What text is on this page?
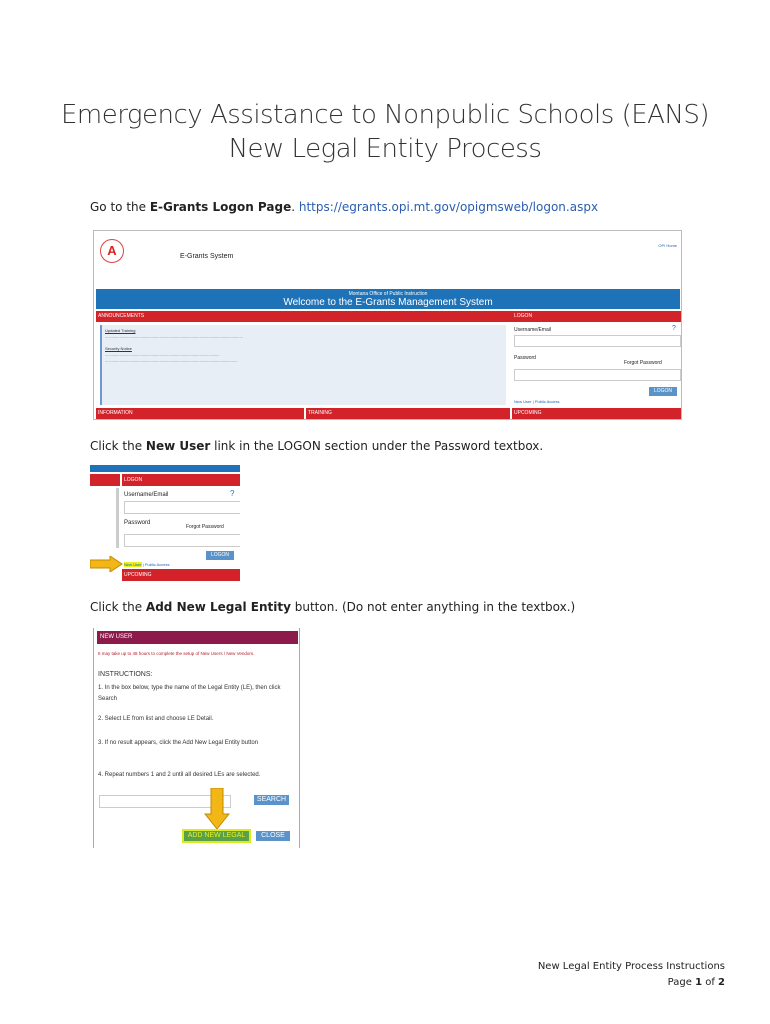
Emergency Assistance to Nonpublic Schools (EANS)
New Legal Entity Process
Go to the E-Grants Logon Page. https://egrants.opi.mt.gov/opigmsweb/logon.aspx
A	E-Grants System
OPI Home
Montana Office of Public Instruction
Welcome to the E-Grants Management System
ANNOUNCEMENTS	LOGON
Updated Training
............................................................................................................................

Security Notice
.......................................................................................................
.......................................................................................................................
Username/Email	?
Password
Forgot Password
LOGON
New User | Public Access
INFORMATION	TRAINING	UPCOMING
Click the New User link in the LOGON section under the Password textbox.
LOGON
Username/Email	?
Password
Forgot Password
LOGON
New User | Public Access
UPCOMING
Click the Add New Legal Entity button. (Do not enter anything in the textbox.)
NEW USER
It may take up to 48 hours to complete the setup of New Users / New Vendors.
INSTRUCTIONS:
1. In the box below, type the name of the Legal Entity (LE), then click Search
2. Select LE from list and choose LE Detail.
3. If no result appears, click the Add New Legal Entity button
4. Repeat numbers 1 and 2 until all desired LEs are selected.
SEARCH
ADD NEW LEGAL	CLOSE
New Legal Entity Process Instructions
Page 1 of 2
